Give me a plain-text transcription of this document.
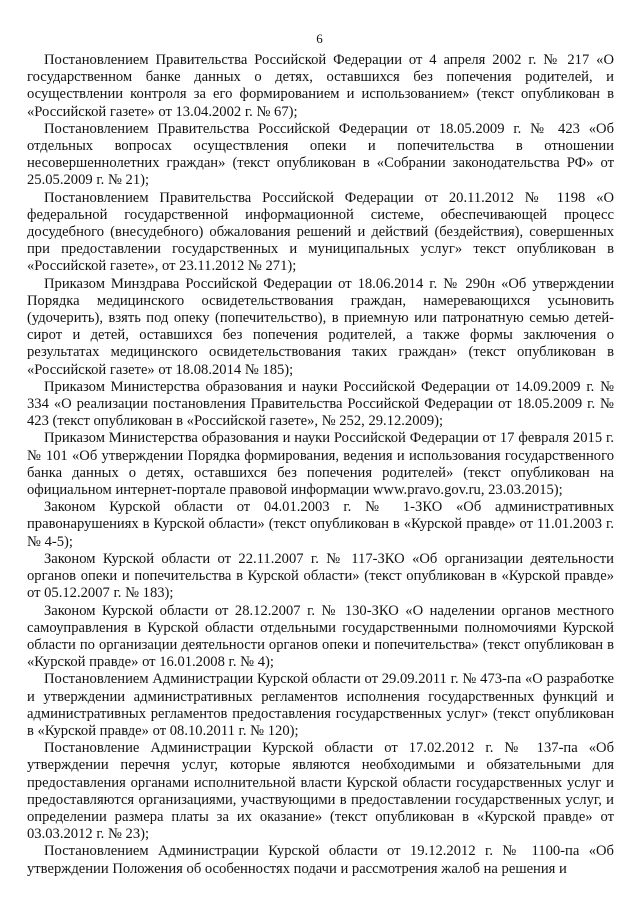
6

Постановлением Правительства Российской Федерации от 4 апреля 2002 г. № 217 «О государственном банке данных о детях, оставшихся без попечения родителей, и осуществлении контроля за его формированием и использованием» (текст опубликован в «Российской газете» от 13.04.2002 г. № 67);

Постановлением Правительства Российской Федерации от 18.05.2009 г. № 423 «Об отдельных вопросах осуществления опеки и попечительства в отношении несовершеннолетних граждан» (текст опубликован в «Собрании законодательства РФ» от 25.05.2009 г. № 21);

Постановлением Правительства Российской Федерации от 20.11.2012 № 1198 «О федеральной государственной информационной системе, обеспечивающей процесс досудебного (внесудебного) обжалования решений и действий (бездействия), совершенных при предоставлении государственных и муниципальных услуг» текст опубликован в «Российской газете», от 23.11.2012 № 271);

Приказом Минздрава Российской Федерации от 18.06.2014 г. № 290н «Об утверждении Порядка медицинского освидетельствования граждан, намеревающихся усыновить (удочерить), взять под опеку (попечительство), в приемную или патронатную семью детей-сирот и детей, оставшихся без попечения родителей, а также формы заключения о результатах медицинского освидетельствования таких граждан» (текст опубликован в «Российской газете» от 18.08.2014 № 185);

Приказом Министерства образования и науки Российской Федерации от 14.09.2009 г. № 334 «О реализации постановления Правительства Российской Федерации от 18.05.2009 г. № 423 (текст опубликован в «Российской газете», № 252, 29.12.2009);

Приказом Министерства образования и науки Российской Федерации от 17 февраля 2015 г. № 101 «Об утверждении Порядка формирования, ведения и использования государственного банка данных о детях, оставшихся без попечения родителей» (текст опубликован на официальном интернет-портале правовой информации www.pravo.gov.ru, 23.03.2015);

Законом Курской области от 04.01.2003 г. № 1-ЗКО «Об административных правонарушениях в Курской области» (текст опубликован в «Курской правде» от 11.01.2003 г. № 4-5);

Законом Курской области от 22.11.2007 г. № 117-ЗКО «Об организации деятельности органов опеки и попечительства в Курской области» (текст опубликован в «Курской правде» от 05.12.2007 г. № 183);

Законом Курской области от 28.12.2007 г. № 130-ЗКО «О наделении органов местного самоуправления в Курской области отдельными государственными полномочиями Курской области по организации деятельности органов опеки и попечительства» (текст опубликован в «Курской правде» от 16.01.2008 г. № 4);

Постановлением Администрации Курской области от 29.09.2011 г. № 473-па «О разработке и утверждении административных регламентов исполнения государственных функций и административных регламентов предоставления государственных услуг» (текст опубликован в «Курской правде» от 08.10.2011 г. № 120);

Постановление Администрации Курской области от 17.02.2012 г. № 137-па «Об утверждении перечня услуг, которые являются необходимыми и обязательными для предоставления органами исполнительной власти Курской области государственных услуг и предоставляются организациями, участвующими в предоставлении государственных услуг, и определении размера платы за их оказание» (текст опубликован в «Курской правде» от 03.03.2012 г. № 23);

Постановлением Администрации Курской области от 19.12.2012 г. № 1100-па «Об утверждении Положения об особенностях подачи и рассмотрения жалоб на решения и
